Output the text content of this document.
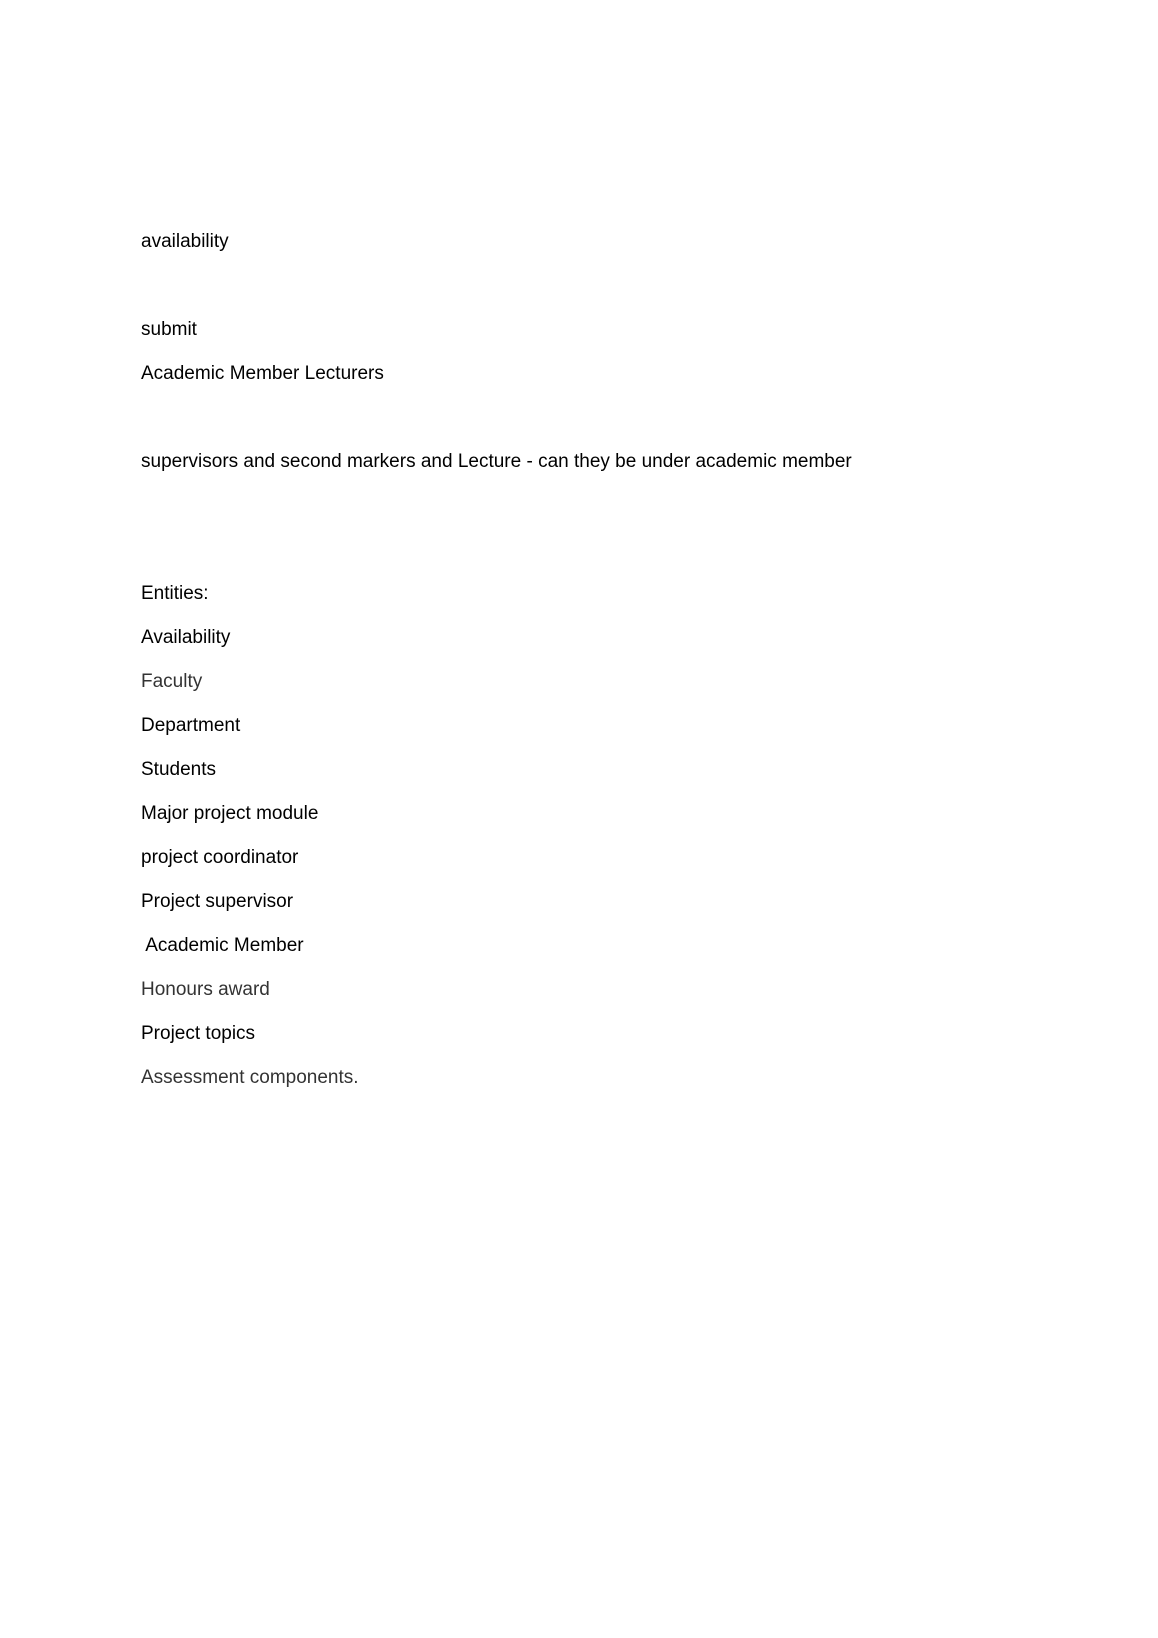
availability
submit
Academic Member Lecturers
supervisors and second markers and Lecture - can they be under academic member
Entities:
Availability
Faculty
Department
Students
Major project module
project coordinator
Project supervisor
Academic Member
Honours award
Project topics
Assessment components.
